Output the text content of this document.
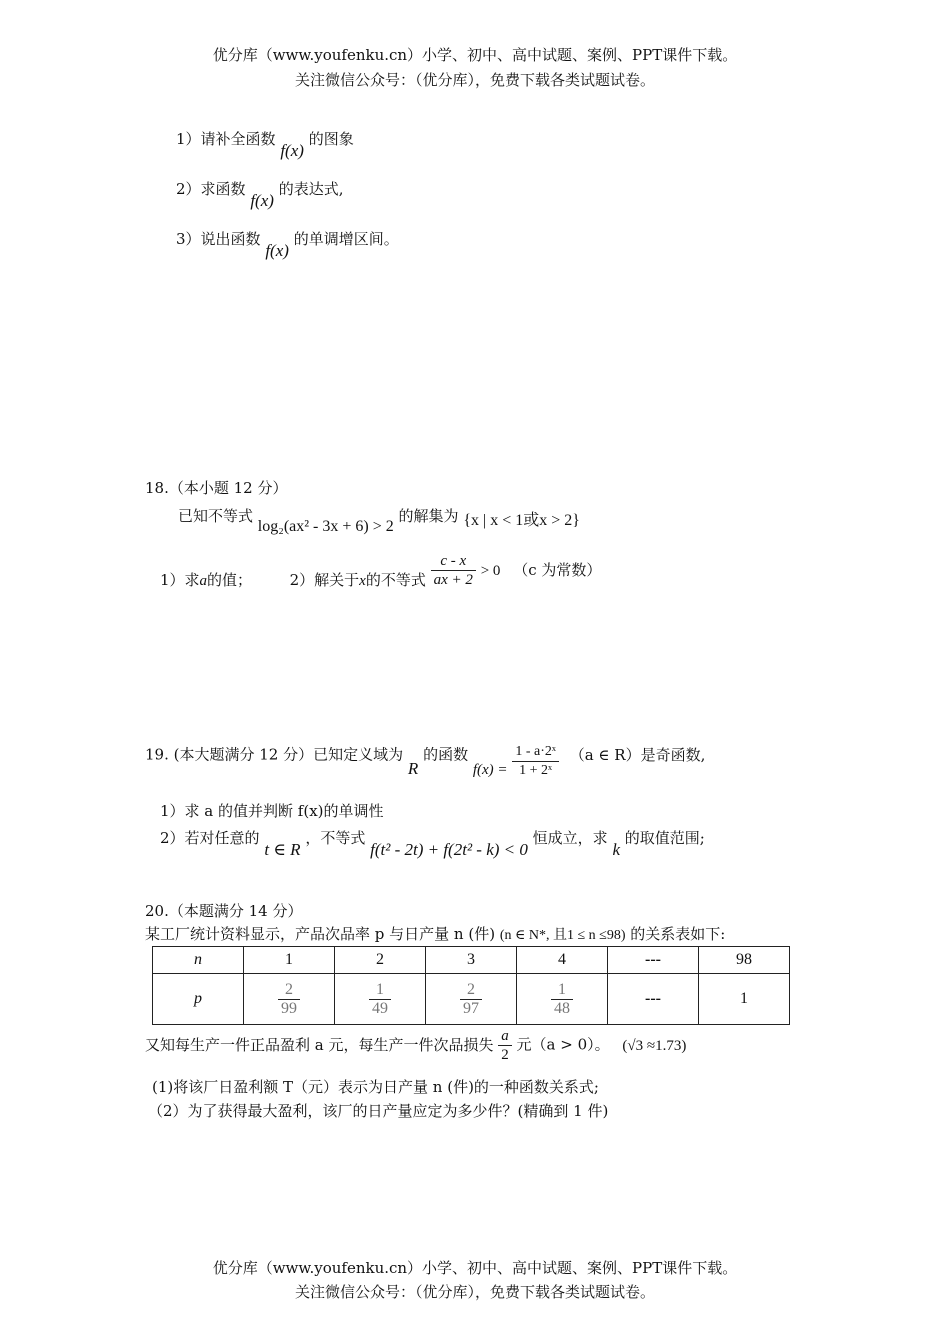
优分库（www.youfenku.cn）小学、初中、高中试题、案例、PPT课件下载。
关注微信公众号：（优分库），免费下载各类试题试卷。
1）请补全函数 f(x) 的图象
2）求函数 f(x) 的表达式,
3）说出函数 f(x) 的单调增区间。
18.（本小题 12 分）
已知不等式 log₂(ax² - 3x + 6) > 2 的解集为 {x | x < 1或x > 2}
1）求a的值；	2）解关于x的不等式 $\frac{c - x}{ax + 2} > 0$ （c 为常数）
19. (本大题满分 12 分）已知定义域为 R 的函数 $f(x) = \frac{\text{1 - a·2ˣ}}{\text{1 + 2ˣ}} (a$ ∈ R）是奇函数,
1）求 a 的值并判断 f(x)的单调性
2）若对任意的 t ∈ R ，不等式 f(t² - 2t) + f(2t² - k) < 0 恒成立，求 k 的取值范围;
20.（本题满分 14 分）
某工厂统计资料显示，产品次品率 p 与日产量 n (件) (n ∈ N*, 且1 ≤ n ≤98) 的关系表如下:
n	1	2	3	4	---	98
p	$\frac{2}{99}$	$\frac{1}{49}$	$\frac{2}{97}$	$\frac{1}{48}$	---	1
又知每生产一件正品盈利 a 元，每生产一件次品损失 $\frac{a}{2}$ 元（a > 0）。 (√3 ≈1.73)
(1)将该厂日盈利额 T（元）表示为日产量 n (件)的一种函数关系式;
（2）为了获得最大盈利，该厂的日产量应定为多少件？(精确到 1 件)
优分库（www.youfenku.cn）小学、初中、高中试题、案例、PPT课件下载。
关注微信公众号：（优分库），免费下载各类试题试卷。
